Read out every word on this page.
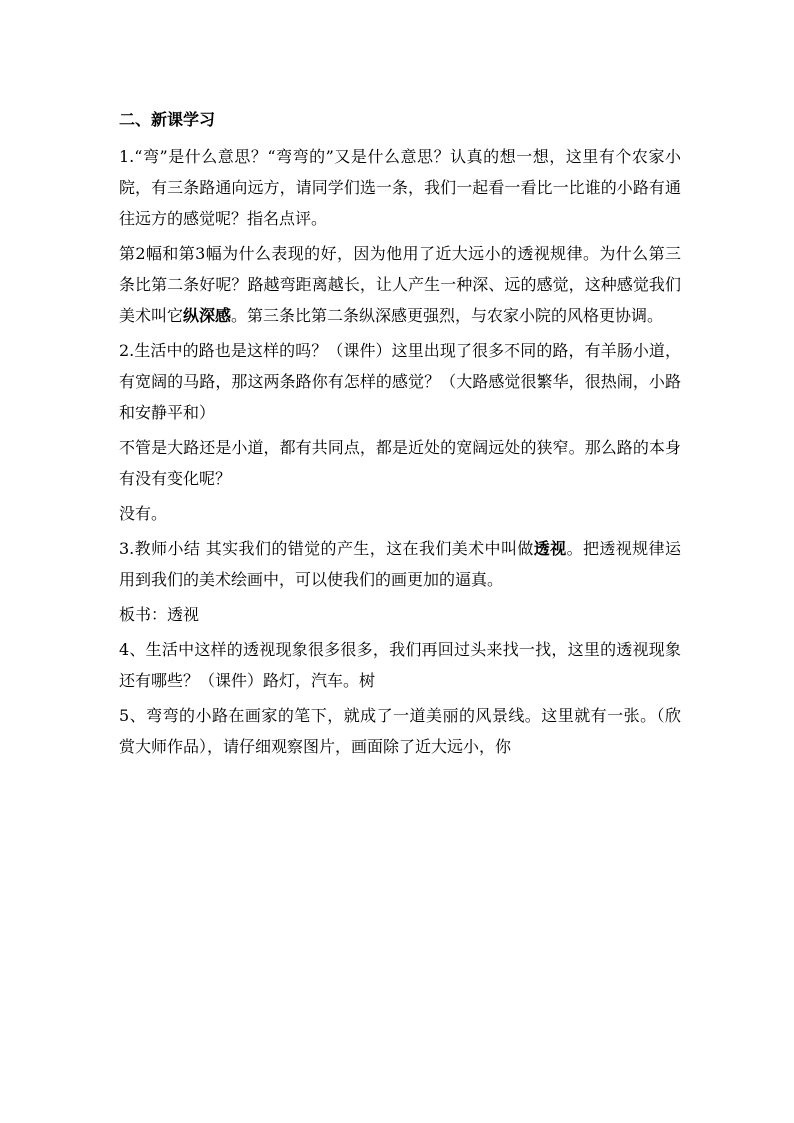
二、新课学习

1.“弯”是什么意思？“弯弯的”又是什么意思？认真的想一想，这里有个农家小院，有三条路通向远方，请同学们选一条，我们一起看一看比一比谁的小路有通往远方的感觉呢？指名点评。

第2幅和第3幅为什么表现的好，因为他用了近大远小的透视规律。为什么第三条比第二条好呢？路越弯距离越长，让人产生一种深、远的感觉，这种感觉我们美术叫它纵深感。第三条比第二条纵深感更强烈，与农家小院的风格更协调。

2.生活中的路也是这样的吗？（课件）这里出现了很多不同的路，有羊肠小道，有宽阔的马路，那这两条路你有怎样的感觉？（大路感觉很繁华，很热闹，小路和安静平和）

不管是大路还是小道，都有共同点，都是近处的宽阔远处的狭窄。那么路的本身有没有变化呢？

没有。

3.教师小结 其实我们的错觉的产生，这在我们美术中叫做透视。把透视规律运用到我们的美术绘画中，可以使我们的画更加的逼真。

板书：透视

4、生活中这样的透视现象很多很多，我们再回过头来找一找，这里的透视现象还有哪些？（课件）路灯，汽车。树

5、弯弯的小路在画家的笔下，就成了一道美丽的风景线。这里就有一张。（欣赏大师作品），请仔细观察图片，画面除了近大远小，你
